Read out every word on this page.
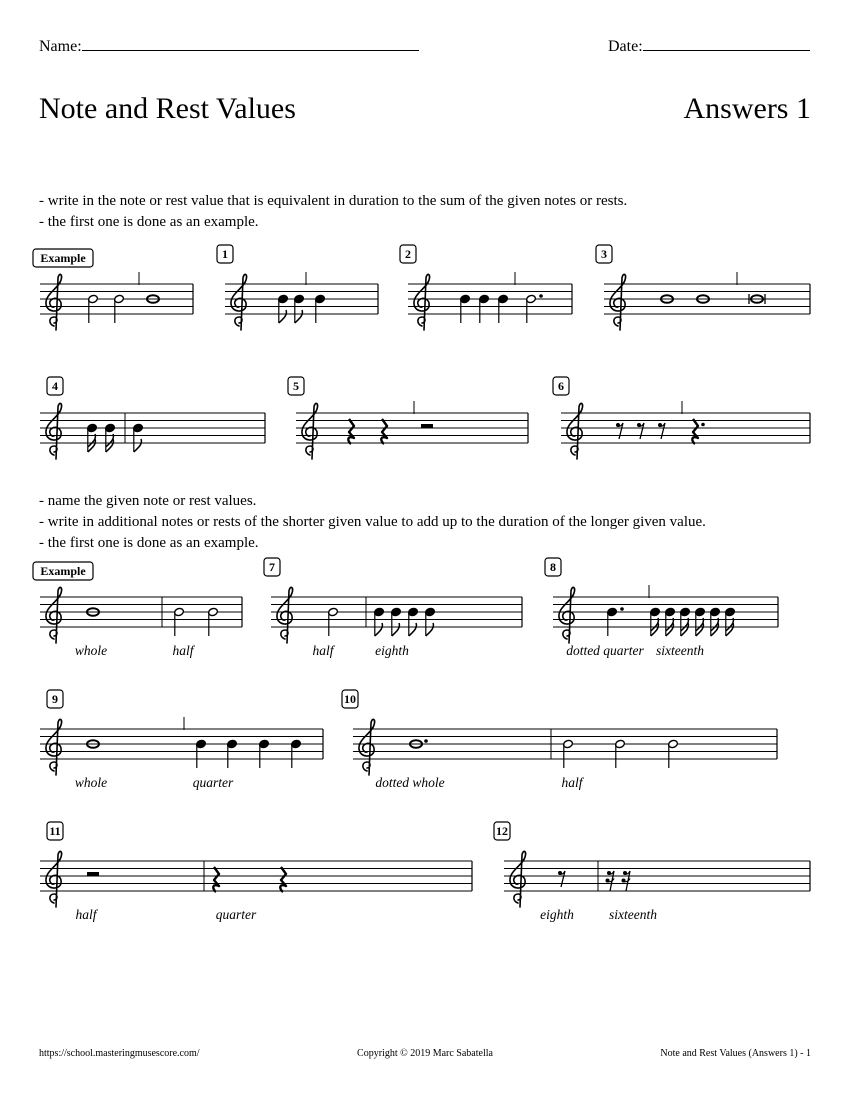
Name:	Date:
Note and Rest Values	Answers 1
- write in the note or rest value that is equivalent in duration to the sum of the given notes or rests.
- the first one is done as an example.
- name the given note or rest values.
- write in additional notes or rests of the shorter given value to add up to the duration of the longer given value.
- the first one is done as an example.
Example	1	2	3
4	5	6
Example	7	8
9	10
11	12
whole	half	half	eighth	dotted quarter sixteenth
whole	quarter	dotted whole	half
half	quarter	eighth	sixteenth
https://school.masteringmusescore.com/	Copyright © 2019 Marc Sabatella	Note and Rest Values (Answers 1) - 1
